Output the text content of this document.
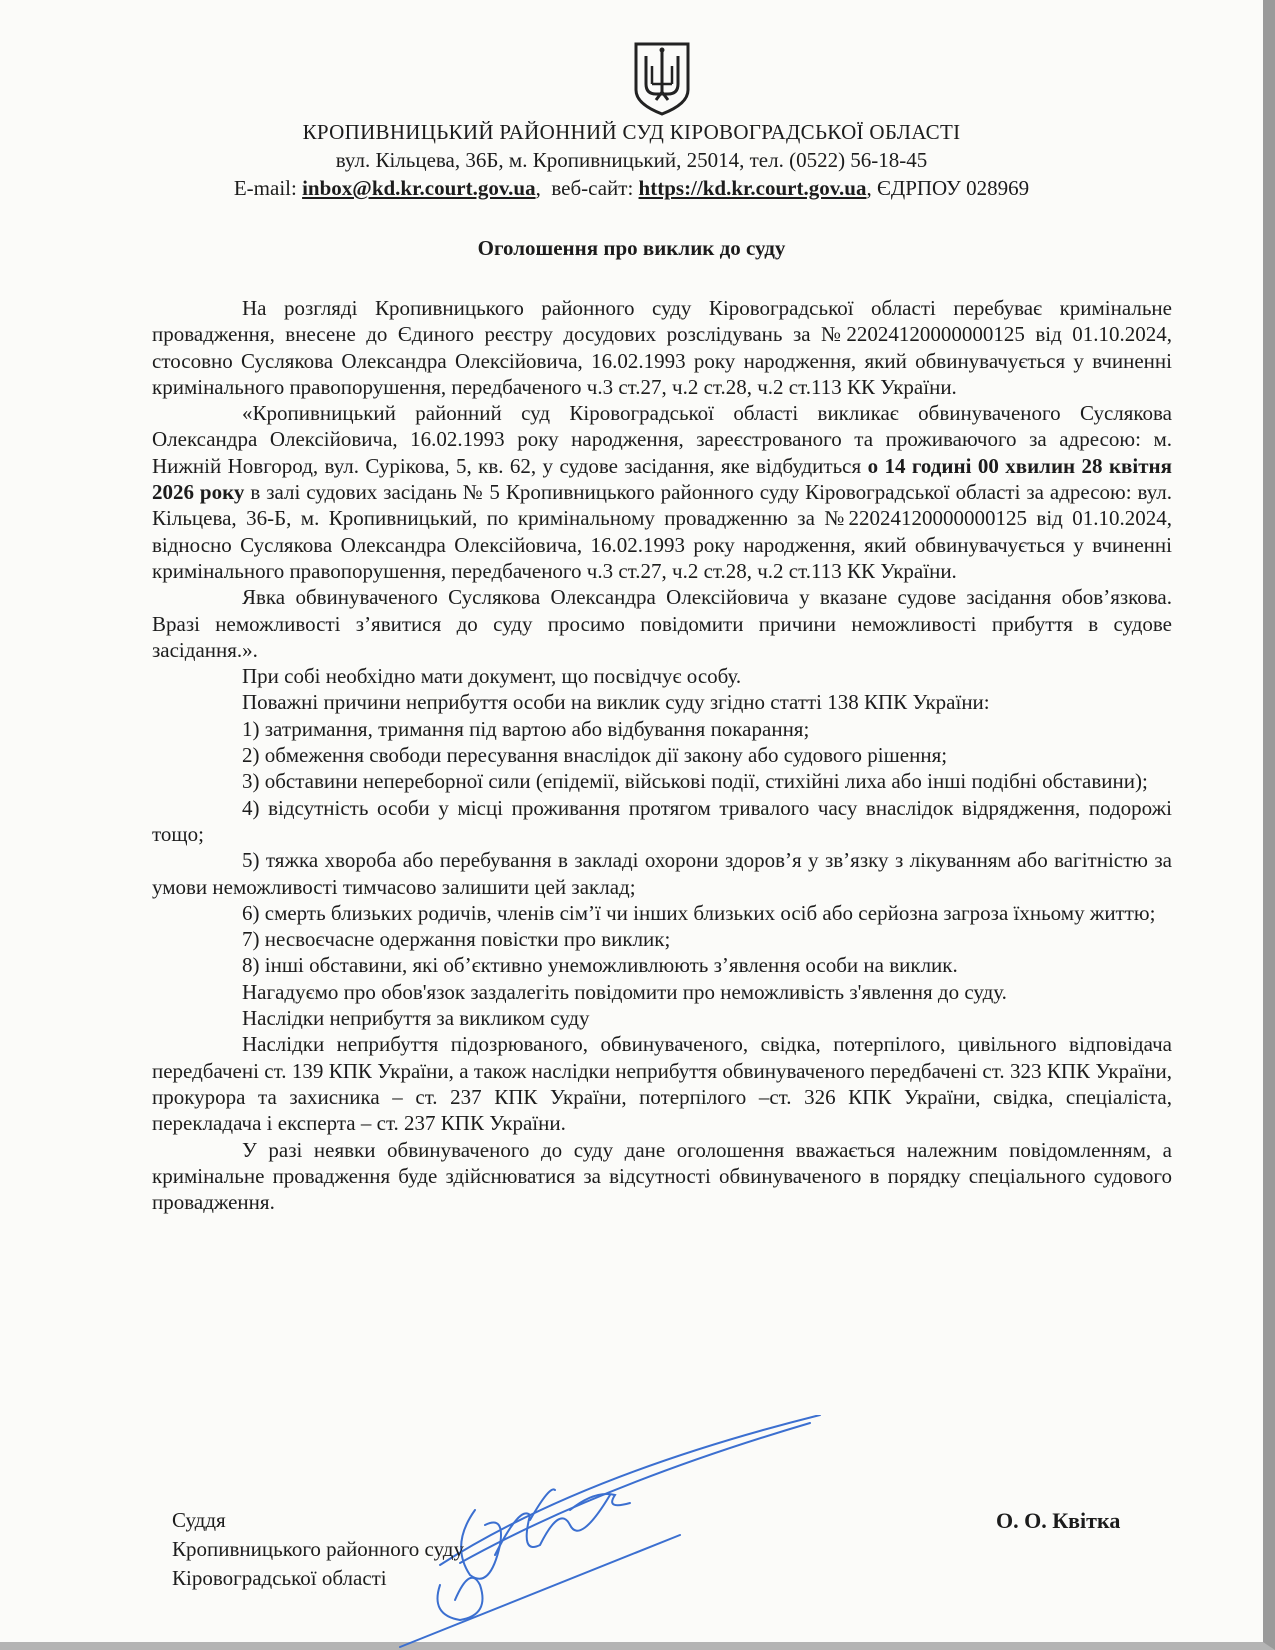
КРОПИВНИЦЬКИЙ РАЙОННИЙ СУД КІРОВОГРАДСЬКОЇ ОБЛАСТІ
вул. Кільцева, 36Б, м. Кропивницький, 25014, тел. (0522) 56-18-45
E-mail: inbox@kd.kr.court.gov.ua,  веб-сайт: https://kd.kr.court.gov.ua, ЄДРПОУ 028969
Оголошення про виклик до суду

На розгляді Кропивницького районного суду Кіровоградської області перебуває кримінальне провадження, внесене до Єдиного реєстру досудових розслідувань за №22024120000000125 від 01.10.2024, стосовно Суслякова Олександра Олексійовича, 16.02.1993 року народження, який обвинувачується у вчиненні кримінального правопорушення, передбаченого ч.3 ст.27, ч.2 ст.28, ч.2 ст.113 КК України.

«Кропивницький районний суд Кіровоградської області викликає обвинуваченого Суслякова Олександра Олексійовича, 16.02.1993 року народження, зареєстрованого та проживаючого за адресою: м. Нижній Новгород, вул. Сурікова, 5, кв. 62, у судове засідання, яке відбудиться о 14 годині 00 хвилин 28 квітня 2026 року в залі судових засідань № 5 Кропивницького районного суду Кіровоградської області за адресою: вул. Кільцева, 36-Б, м. Кропивницький, по кримінальному провадженню за №22024120000000125 від 01.10.2024, відносно Суслякова Олександра Олексійовича, 16.02.1993 року народження, який обвинувачується у вчиненні кримінального правопорушення, передбаченого ч.3 ст.27, ч.2 ст.28, ч.2 ст.113 КК України.

Явка обвинуваченого Суслякова Олександра Олексійовича у вказане судове засідання обов’язкова. Вразі неможливості з’явитися до суду просимо повідомити причини неможливості прибуття в судове засідання.».

При собі необхідно мати документ, що посвідчує особу.

Поважні причини неприбуття особи на виклик суду згідно статті 138 КПК України:

1) затримання, тримання під вартою або відбування покарання;

2) обмеження свободи пересування внаслідок дії закону або судового рішення;

3) обставини непереборної сили (епідемії, військові події, стихійні лиха або інші подібні обставини);

4) відсутність особи у місці проживання протягом тривалого часу внаслідок відрядження, подорожі тощо;

5) тяжка хвороба або перебування в закладі охорони здоров’я у зв’язку з лікуванням або вагітністю за умови неможливості тимчасово залишити цей заклад;

6) смерть близьких родичів, членів сім’ї чи інших близьких осіб або серйозна загроза їхньому життю;

7) несвоєчасне одержання повістки про виклик;

8) інші обставини, які об’єктивно унеможливлюють з’явлення особи на виклик.

Нагадуємо про обов'язок заздалегіть повідомити про неможливість з'явлення до суду.

Наслідки неприбуття за викликом суду

Наслідки неприбуття підозрюваного, обвинуваченого, свідка, потерпілого, цивільного відповідача передбачені ст. 139 КПК України, а також наслідки неприбуття обвинуваченого передбачені ст. 323 КПК України, прокурора та захисника – ст. 237 КПК України, потерпілого –ст. 326 КПК України, свідка, спеціаліста, перекладача і експерта – ст. 237 КПК України.

У разі неявки обвинуваченого до суду дане оголошення вважається належним повідомленням, а кримінальне провадження буде здійснюватися за відсутності обвинуваченого в порядку спеціального судового провадження.

Суддя
Кропивницького районного суду
Кіровоградської області
О. О. Квітка
